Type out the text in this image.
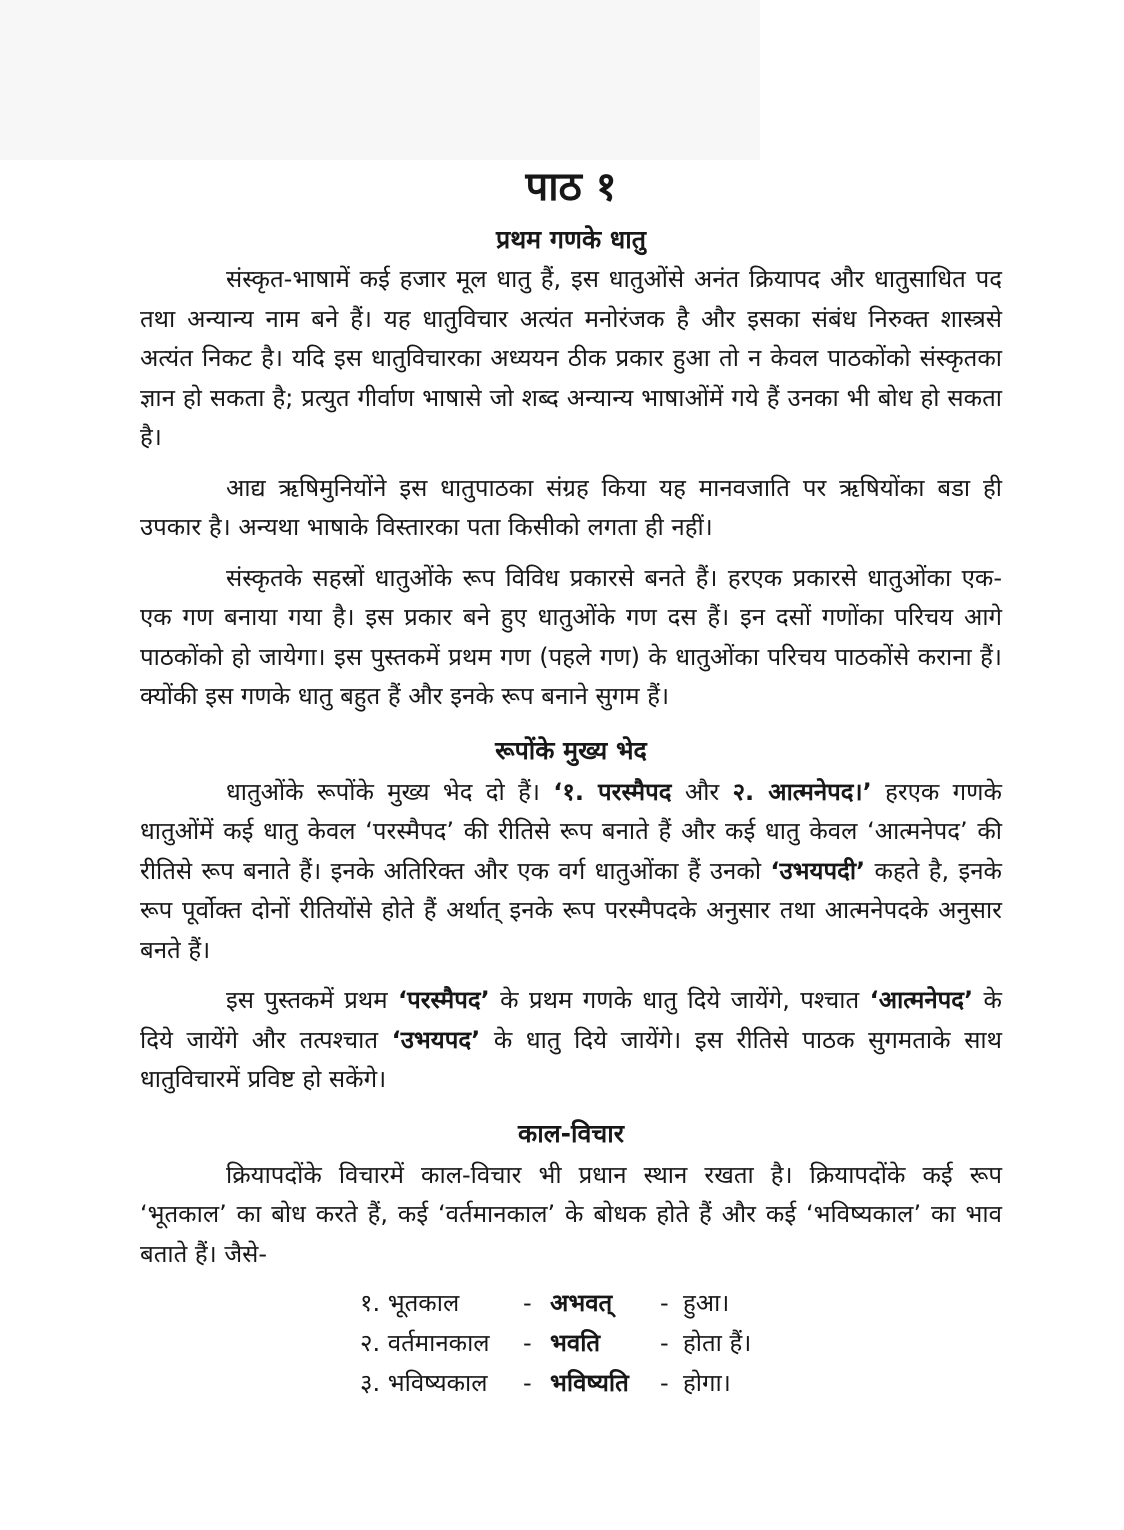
पाठ १
प्रथम गणके धातु

संस्कृत-भाषामें कई हजार मूल धातु हैं, इस धातुओंसे अनंत क्रियापद और धातुसाधित पद तथा अन्यान्य नाम बने हैं। यह धातुविचार अत्यंत मनोरंजक है और इसका संबंध निरुक्त शास्त्रसे अत्यंत निकट है। यदि इस धातुविचारका अध्ययन ठीक प्रकार हुआ तो न केवल पाठकोंको संस्कृतका ज्ञान हो सकता है; प्रत्युत गीर्वाण भाषासे जो शब्द अन्यान्य भाषाओंमें गये हैं उनका भी बोध हो सकता है।

आद्य ऋषिमुनियोंने इस धातुपाठका संग्रह किया यह मानवजाति पर ऋषियोंका बडा ही उपकार है। अन्यथा भाषाके विस्तारका पता किसीको लगता ही नहीं।

संस्कृतके सहस्रों धातुओंके रूप विविध प्रकारसे बनते हैं। हरएक प्रकारसे धातुओंका एक-एक गण बनाया गया है। इस प्रकार बने हुए धातुओंके गण दस हैं। इन दसों गणोंका परिचय आगे पाठकोंको हो जायेगा। इस पुस्तकमें प्रथम गण (पहले गण) के धातुओंका परिचय पाठकोंसे कराना हैं। क्योंकी इस गणके धातु बहुत हैं और इनके रूप बनाने सुगम हैं।

रूपोंके मुख्य भेद

धातुओंके रूपोंके मुख्य भेद दो हैं। ‘१. परस्मैपद और २. आत्मनेपद।’ हरएक गणके धातुओंमें कई धातु केवल ‘परस्मैपद’ की रीतिसे रूप बनाते हैं और कई धातु केवल ‘आत्मनेपद’ की रीतिसे रूप बनाते हैं। इनके अतिरिक्त और एक वर्ग धातुओंका हैं उनको ‘उभयपदी’ कहते है, इनके रूप पूर्वोक्त दोनों रीतियोंसे होते हैं अर्थात् इनके रूप परस्मैपदके अनुसार तथा आत्मनेपदके अनुसार बनते हैं।

इस पुस्तकमें प्रथम ‘परस्मैपद’ के प्रथम गणके धातु दिये जायेंगे, पश्चात ‘आत्मनेपद’ के दिये जायेंगे और तत्पश्चात ‘उभयपद’ के धातु दिये जायेंगे। इस रीतिसे पाठक सुगमताके साथ धातुविचारमें प्रविष्ट हो सकेंगे।

काल-विचार

क्रियापदोंके विचारमें काल-विचार भी प्रधान स्थान रखता है। क्रियापदोंके कई रूप ‘भूतकाल’ का बोध करते हैं, कई ‘वर्तमानकाल’ के बोधक होते हैं और कई ‘भविष्यकाल’ का भाव बताते हैं। जैसे-

१. भूतकाल	- अभवत्	- हुआ।
२. वर्तमानकाल	- भवति	- होता हैं।
३. भविष्यकाल	- भविष्यति	- होगा।
